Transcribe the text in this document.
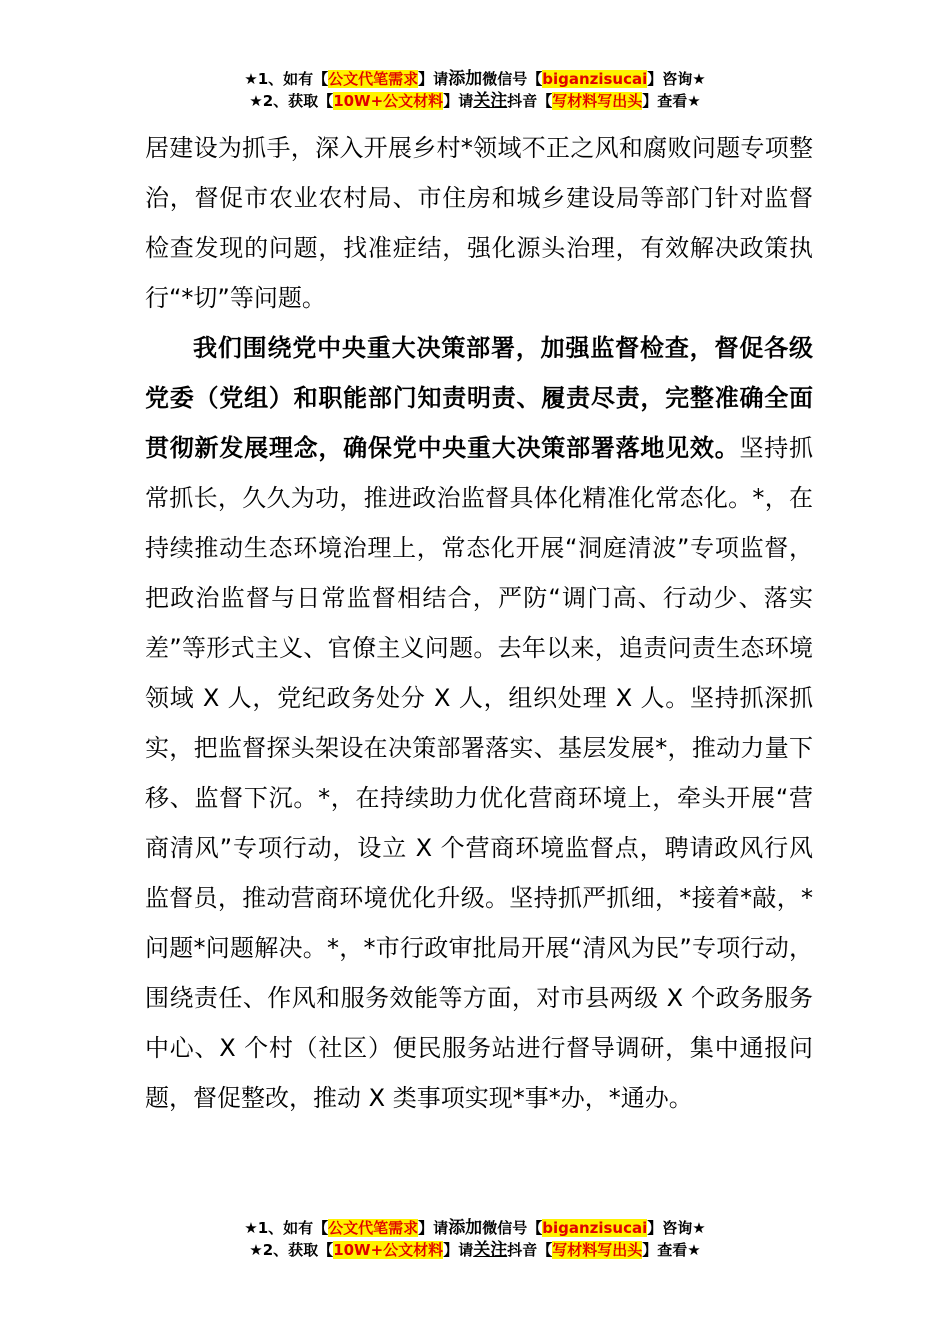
★1、如有【公文代笔需求】请添加微信号【biganzisucai】咨询★
★2、获取【10W+公文材料】请关注抖音【写材料写出头】查看★

居建设为抓手，深入开展乡村*领域不正之风和腐败问题专项整治，督促市农业农村局、市住房和城乡建设局等部门针对监督检查发现的问题，找准症结，强化源头治理，有效解决政策执行“*切”等问题。

我们围绕党中央重大决策部署，加强监督检查，督促各级党委（党组）和职能部门知责明责、履责尽责，完整准确全面贯彻新发展理念，确保党中央重大决策部署落地见效。坚持抓常抓长，久久为功，推进政治监督具体化精准化常态化。*，在持续推动生态环境治理上，常态化开展“洞庭清波”专项监督，把政治监督与日常监督相结合，严防“调门高、行动少、落实差”等形式主义、官僚主义问题。去年以来，追责问责生态环境领域 X 人，党纪政务处分 X 人，组织处理 X 人。坚持抓深抓实，把监督探头架设在决策部署落实、基层发展*，推动力量下移、监督下沉。*，在持续助力优化营商环境上，牵头开展“营商清风”专项行动，设立 X 个营商环境监督点，聘请政风行风监督员，推动营商环境优化升级。坚持抓严抓细，*接着*敲，*问题*问题解决。*，*市行政审批局开展“清风为民”专项行动，围绕责任、作风和服务效能等方面，对市县两级 X 个政务服务中心、X 个村（社区）便民服务站进行督导调研，集中通报问题，督促整改，推动 X 类事项实现*事*办，*通办。

★1、如有【公文代笔需求】请添加微信号【biganzisucai】咨询★
★2、获取【10W+公文材料】请关注抖音【写材料写出头】查看★
